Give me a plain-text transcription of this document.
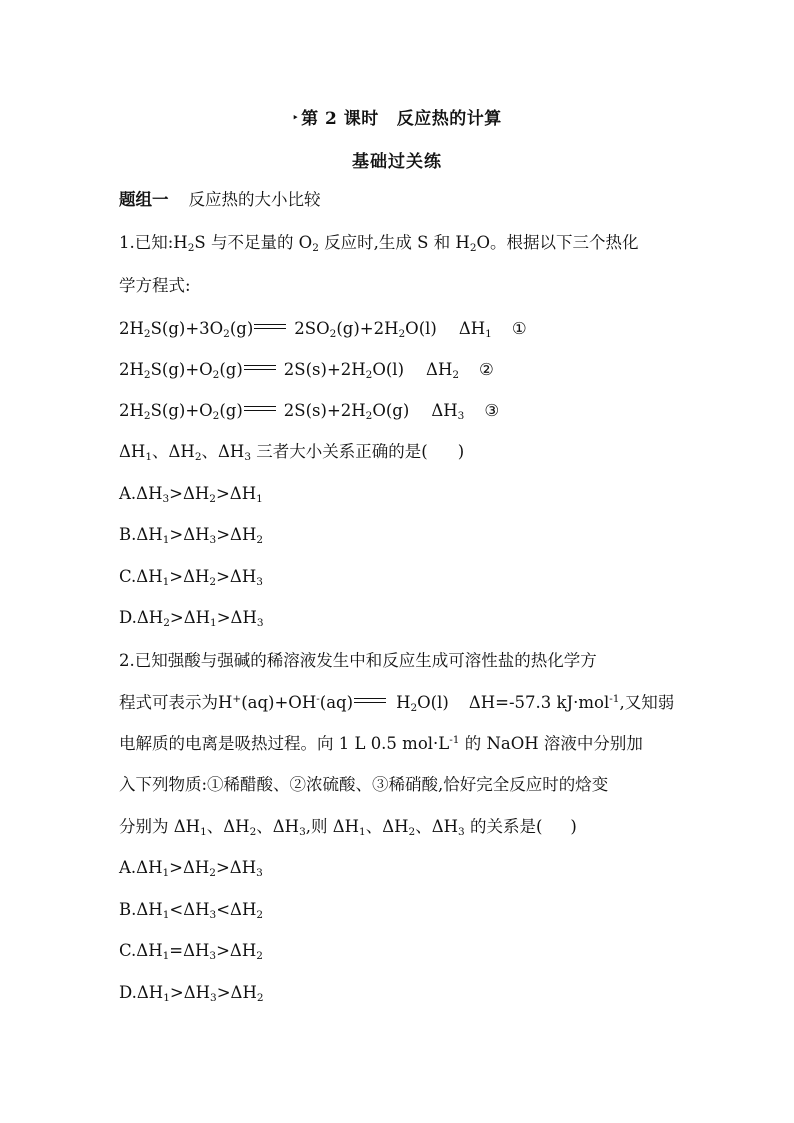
‣ 第 2 课时 反应热的计算
基础过关练
题组一 反应热的大小比较
1.已知$:H_2S$ 与不足量的 $O_2$ 反应时,生成 S 和 $H_2O$。根据以下三个热化
学方程式:
$2H_2S(g)+3O_2(g)$ $2SO_2(g)+2H_2O(l)$ $\Delta H_1$ ①
$2H_2S(g)+O_2(g)$ $2S(s)+2H_2O(l)$ $\Delta H_2$ ②
$2H_2S(g)+O_2(g)$ $2S(s)+2H_2O(g)$ $\Delta H_3$ ③
$\Delta H_1$、$\Delta H_2$、$\Delta H_3$ 三者大小关系正确的是( )
$A.\Delta H_3>\Delta H_2>\Delta H_1$
$B.\Delta H_1>\Delta H_3>\Delta H_2$
$C.\Delta H_1>\Delta H_2>\Delta H_3$
$D.\Delta H_2>\Delta H_1>\Delta H_3$
2.已知强酸与强碱的稀溶液发生中和反应生成可溶性盐的热化学方
程式可表示为H+(aq)+OH-(aq)	$H_2O(l)$ ΔH=-57.3 kJ·mol$^{-1}$,又知弱
电解质的电离是吸热过程。向 1 L 0.5 $mol\cdot L^{-1}$ 的 NaOH 溶液中分别加
入下列物质:①稀醋酸、②浓硫酸、③稀硝酸,恰好完全反应时的焓变
分别为 $\Delta H_1$、$\Delta H_2$、$\Delta H_3$,则 $\Delta H_1$、$\Delta H_2$、$\Delta H_3$ 的关系是( )
$A.\Delta H_1>\Delta H_2>\Delta H_3$
$B.\Delta H_1<\Delta H_3<\Delta H_2$
$C.\Delta H_1=\Delta H_3>\Delta H_2$
$D.\Delta H_1>\Delta H_3>\Delta H_2$
